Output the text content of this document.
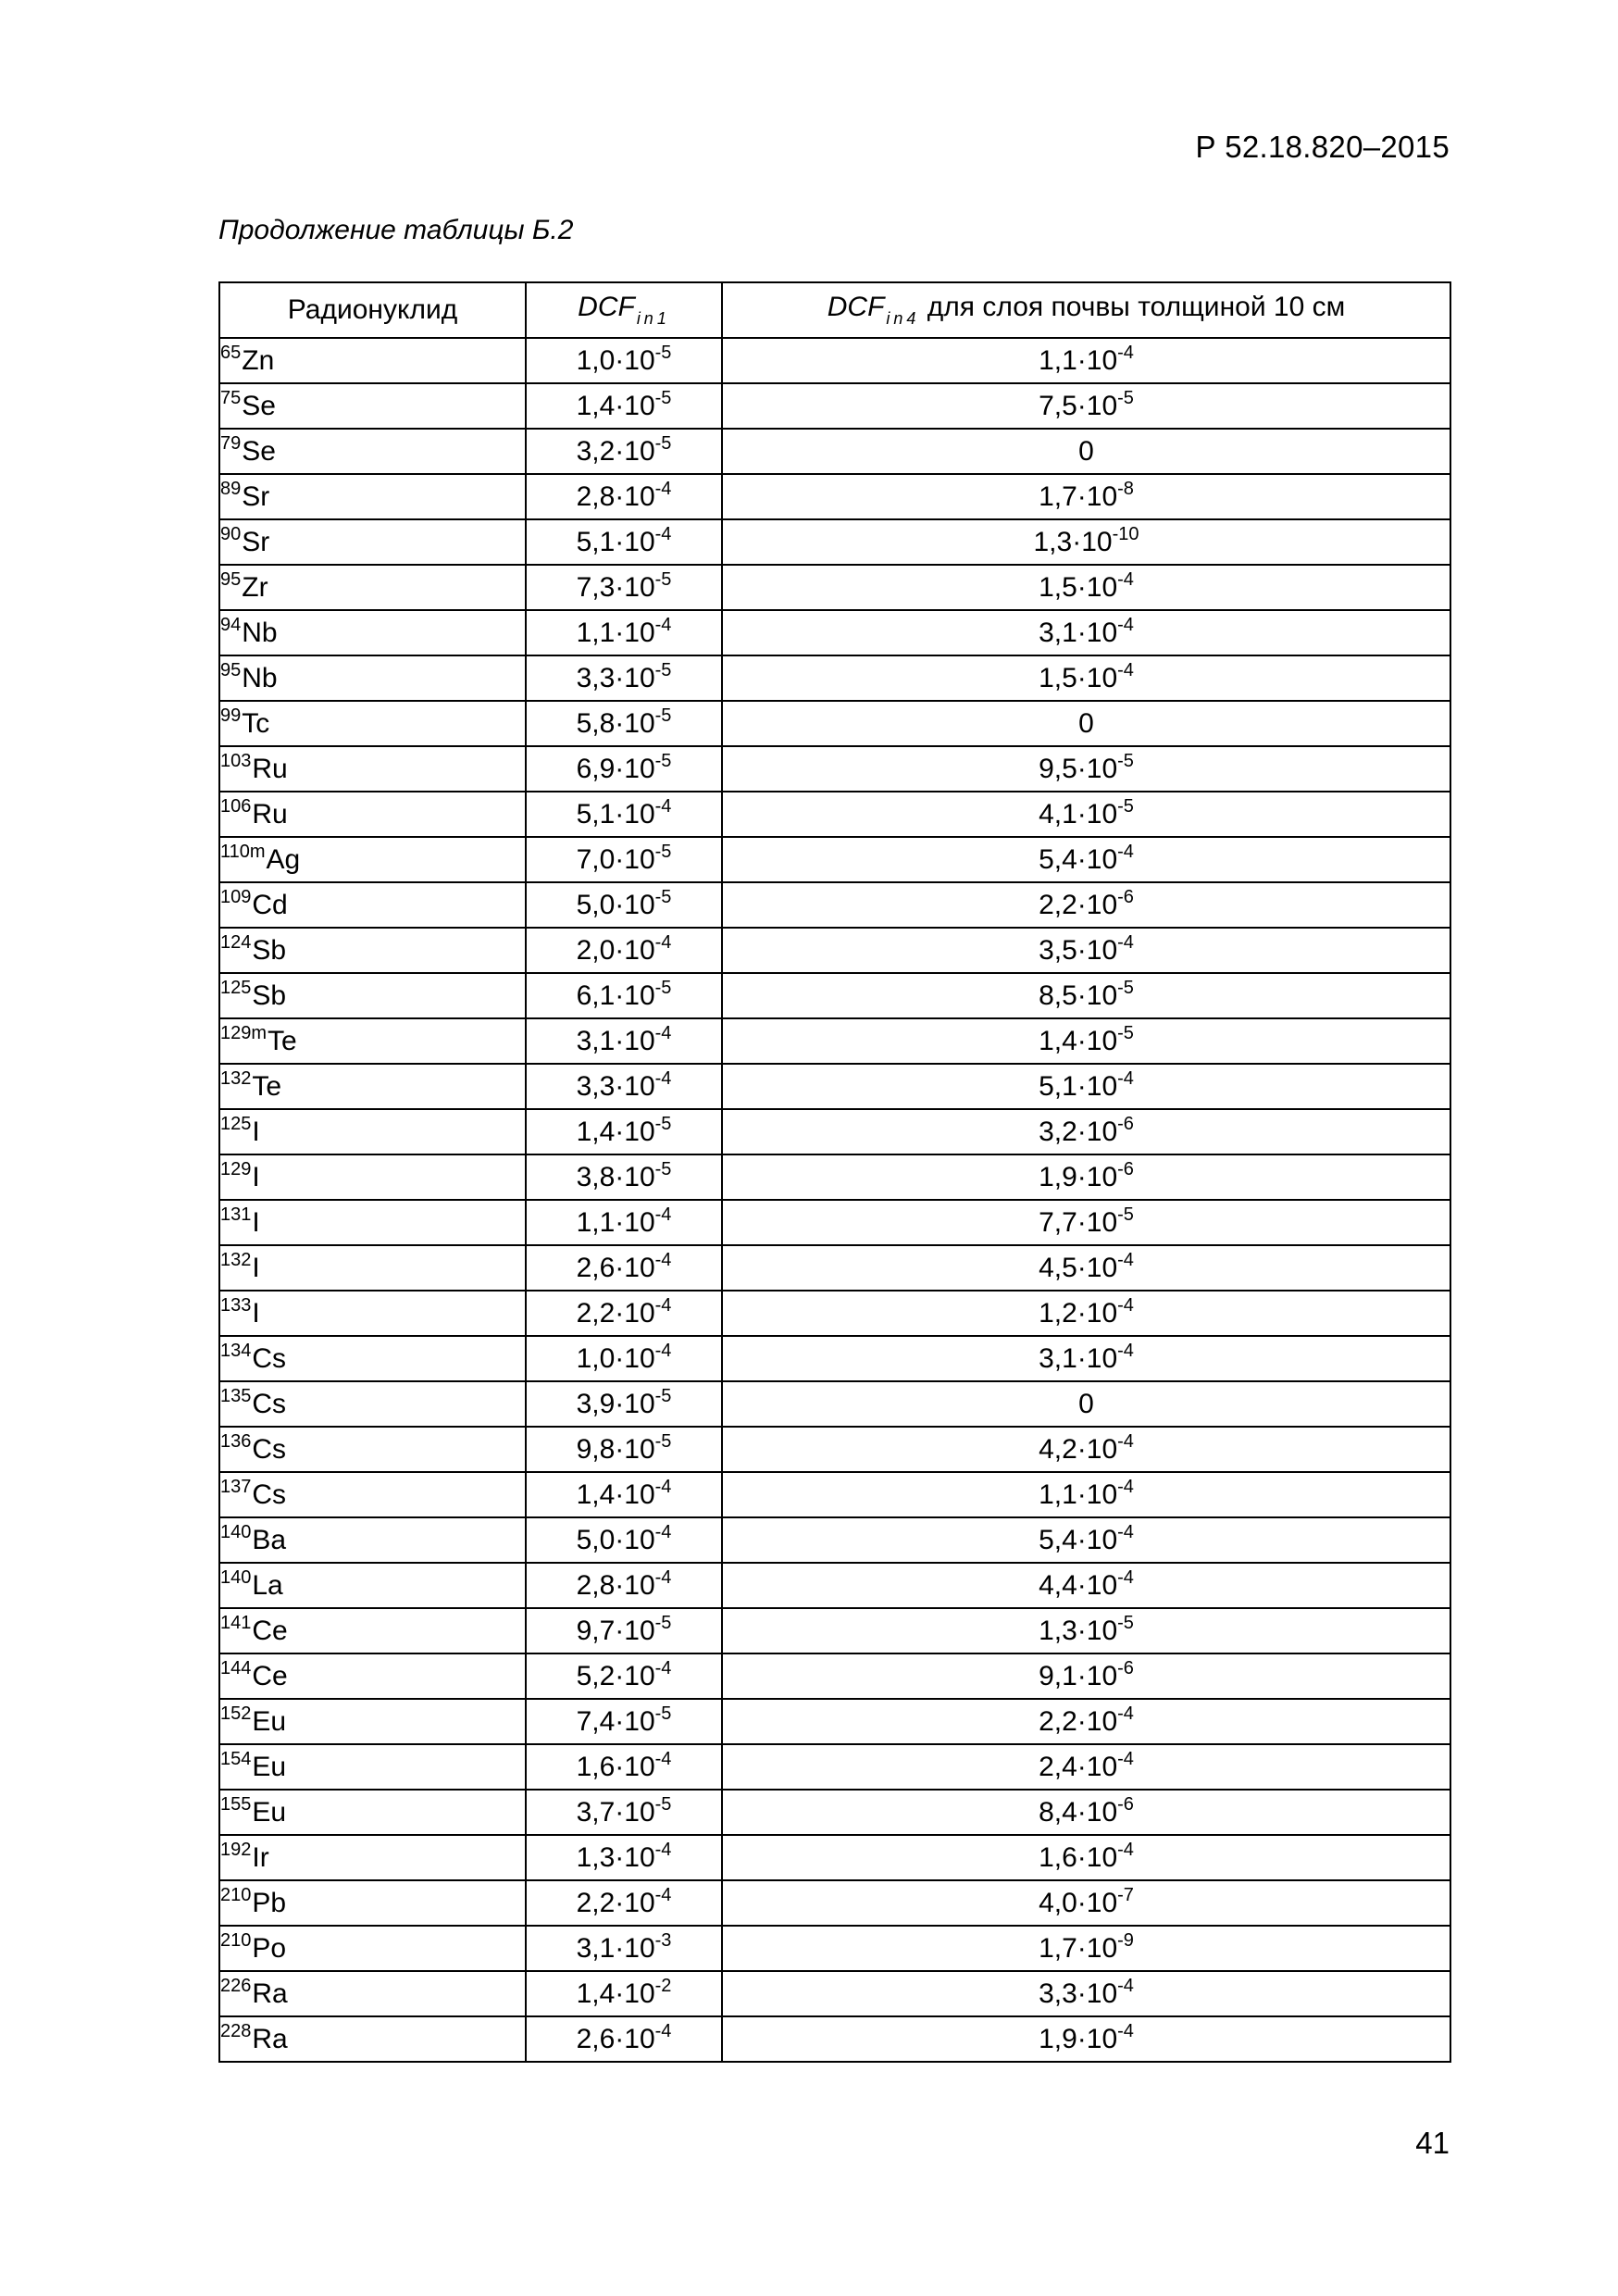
Р 52.18.820–2015
Продолжение таблицы Б.2
Радионуклид	DCF $_{in1}$	DCF $_{in4}$ для слоя почвы толщиной 10 см
$^{65}$Zn	$1,0\cdot 10^{-5}$	$1,1\cdot 10^{-4}$
$^{75}$Se	$1,4\cdot 10^{-5}$	$7,5\cdot 10^{-5}$
$^{79}$Se	$3,2\cdot 10^{-5}$	0
$^{89}$Sr	$2,8\cdot 10^{-4}$	$1,7\cdot 10^{-8}$
$^{90}$Sr	$5,1\cdot 10^{-4}$	$1,3\cdot 10^{-10}$
$^{95}$Zr	$7,3\cdot 10^{-5}$	$1,5\cdot 10^{-4}$
$^{94}$Nb	$1,1\cdot 10^{-4}$	$3,1\cdot 10^{-4}$
$^{95}$Nb	$3,3\cdot 10^{-5}$	$1,5\cdot 10^{-4}$
$^{99}$Tc	$5,8\cdot 10^{-5}$	0
$^{103}$Ru	$6,9\cdot 10^{-5}$	$9,5\cdot 10^{-5}$
$^{106}$Ru	$5,1\cdot 10^{-4}$	$4,1\cdot 10^{-5}$
$^{110m}$Ag	$7,0\cdot 10^{-5}$	$5,4\cdot 10^{-4}$
$^{109}$Cd	$5,0\cdot 10^{-5}$	$2,2\cdot 10^{-6}$
$^{124}$Sb	$2,0\cdot 10^{-4}$	$3,5\cdot 10^{-4}$
$^{125}$Sb	$6,1\cdot 10^{-5}$	$8,5\cdot 10^{-5}$
$^{129m}$Te	$3,1\cdot 10^{-4}$	$1,4\cdot 10^{-5}$
$^{132}$Te	$3,3\cdot 10^{-4}$	$5,1\cdot 10^{-4}$
$^{125}$I	$1,4\cdot 10^{-5}$	$3,2\cdot 10^{-6}$
$^{129}$I	$3,8\cdot 10^{-5}$	$1,9\cdot 10^{-6}$
$^{131}$I	$1,1\cdot 10^{-4}$	$7,7\cdot 10^{-5}$
$^{132}$I	$2,6\cdot 10^{-4}$	$4,5\cdot 10^{-4}$
$^{133}$I	$2,2\cdot 10^{-4}$	$1,2\cdot 10^{-4}$
$^{134}$Cs	$1,0\cdot 10^{-4}$	$3,1\cdot 10^{-4}$
$^{135}$Cs	$3,9\cdot 10^{-5}$	0
$^{136}$Cs	$9,8\cdot 10^{-5}$	$4,2\cdot 10^{-4}$
$^{137}$Cs	$1,4\cdot 10^{-4}$	$1,1\cdot 10^{-4}$
$^{140}$Ba	$5,0\cdot 10^{-4}$	$5,4\cdot 10^{-4}$
$^{140}$La	$2,8\cdot 10^{-4}$	$4,4\cdot 10^{-4}$
$^{141}$Ce	$9,7\cdot 10^{-5}$	$1,3\cdot 10^{-5}$
$^{144}$Ce	$5,2\cdot 10^{-4}$	$9,1\cdot 10^{-6}$
$^{152}$Eu	$7,4\cdot 10^{-5}$	$2,2\cdot 10^{-4}$
$^{154}$Eu	$1,6\cdot 10^{-4}$	$2,4\cdot 10^{-4}$
$^{155}$Eu	$3,7\cdot 10^{-5}$	$8,4\cdot 10^{-6}$
$^{192}$Ir	$1,3\cdot 10^{-4}$	$1,6\cdot 10^{-4}$
$^{210}$Pb	$2,2\cdot 10^{-4}$	$4,0\cdot 10^{-7}$
$^{210}$Po	$3,1\cdot 10^{-3}$	$1,7\cdot 10^{-9}$
$^{226}$Ra	$1,4\cdot 10^{-2}$	$3,3\cdot 10^{-4}$
$^{228}$Ra	$2,6\cdot 10^{-4}$	$1,9\cdot 10^{-4}$
41
